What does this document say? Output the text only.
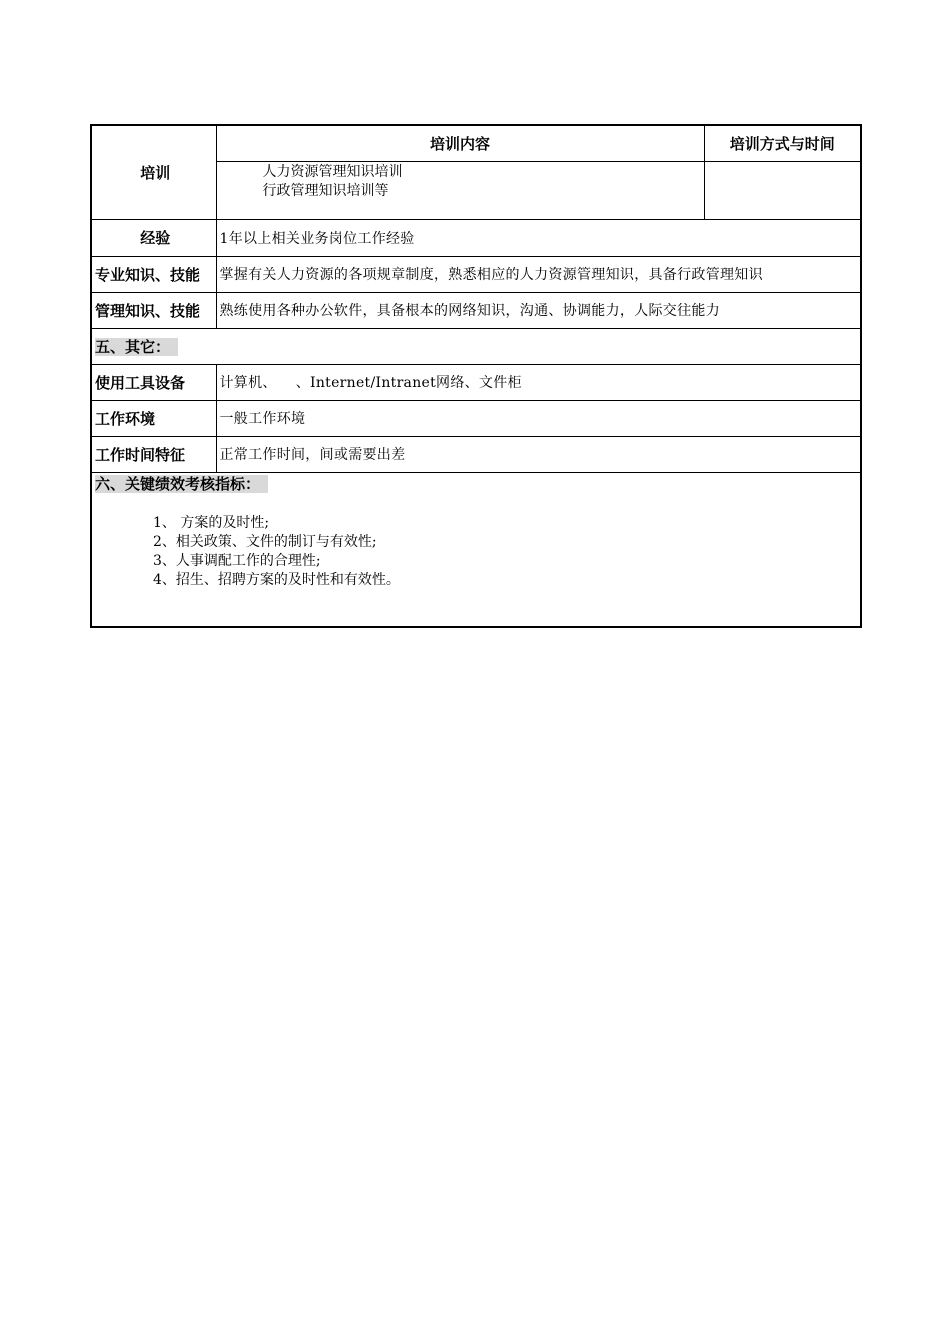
培训	培训内容	培训方式与时间

	人力资源管理知识培训
行政管理知识培训等	

经验	1年以上相关业务岗位工作经验	
专业知识、技能	掌握有关人力资源的各项规章制度，熟悉相应的人力资源管理知识，具备行政管理知识	
管理知识、技能	熟练使用各种办公软件，具备根本的网络知识，沟通、协调能力，人际交往能力	
五、其它：		
使用工具设备	计算机、    、Internet/Intranet网络、文件柜	
工作环境	一般工作环境	
工作时间特征	正常工作时间，间或需要出差	

六、关键绩效考核指标：
1、 方案的及时性;
2、相关政策、文件的制订与有效性;
3、人事调配工作的合理性;
4、招生、招聘方案的及时性和有效性。		
